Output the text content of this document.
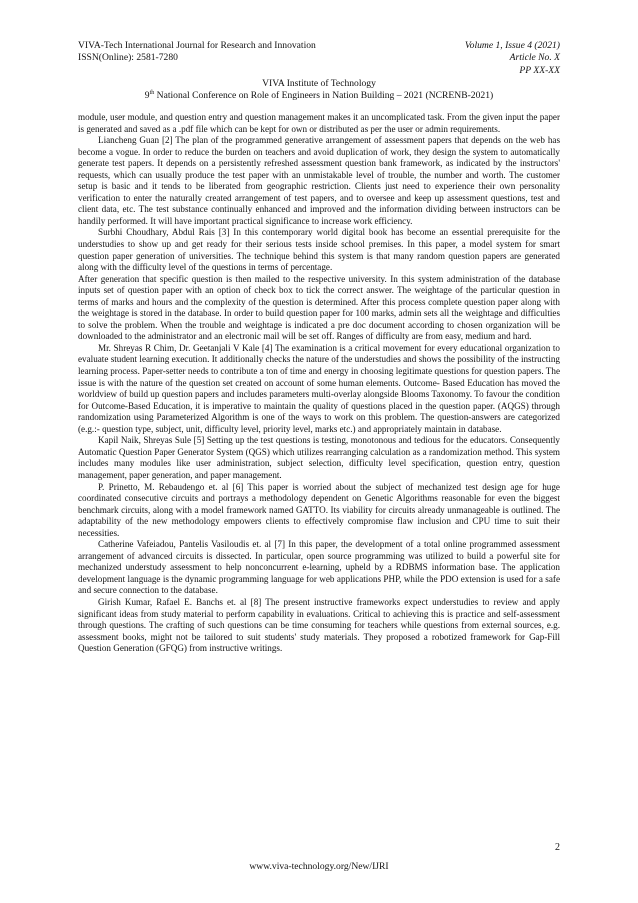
VIVA-Tech International Journal for Research and Innovation	Volume 1, Issue 4 (2021)
ISSN(Online): 2581-7280	Article No. X
PP XX-XX
VIVA Institute of Technology
9th National Conference on Role of Engineers in Nation Building – 2021 (NCRENB-2021)

module, user module, and question entry and question management makes it an uncomplicated task. From the given input the paper is generated and saved as a .pdf file which can be kept for own or distributed as per the user or admin requirements.

Liancheng Guan [2] The plan of the programmed generative arrangement of assessment papers that depends on the web has become a vogue. In order to reduce the burden on teachers and avoid duplication of work, they design the system to automatically generate test papers. It depends on a persistently refreshed assessment question bank framework, as indicated by the instructors' requests, which can usually produce the test paper with an unmistakable level of trouble, the number and worth. The customer setup is basic and it tends to be liberated from geographic restriction. Clients just need to experience their own personality verification to enter the naturally created arrangement of test papers, and to oversee and keep up assessment questions, test and client data, etc. The test substance continually enhanced and improved and the information dividing between instructors can be handily performed. It will have important practical significance to increase work efficiency.

Surbhi Choudhary, Abdul Rais [3] In this contemporary world digital book has become an essential prerequisite for the understudies to show up and get ready for their serious tests inside school premises. In this paper, a model system for smart question paper generation of universities. The technique behind this system is that many random question papers are generated along with the difficulty level of the questions in terms of percentage.

After generation that specific question is then mailed to the respective university. In this system administration of the database inputs set of question paper with an option of check box to tick the correct answer. The weightage of the particular question in terms of marks and hours and the complexity of the question is determined. After this process complete question paper along with the weightage is stored in the database. In order to build question paper for 100 marks, admin sets all the weightage and difficulties to solve the problem. When the trouble and weightage is indicated a pre doc document according to chosen organization will be downloaded to the administrator and an electronic mail will be set off. Ranges of difficulty are from easy, medium and hard.

Mr. Shreyas R Chim, Dr. Geetanjali V Kale [4] The examination is a critical movement for every educational organization to evaluate student learning execution. It additionally checks the nature of the understudies and shows the possibility of the instructing learning process. Paper-setter needs to contribute a ton of time and energy in choosing legitimate questions for question papers. The issue is with the nature of the question set created on account of some human elements. Outcome- Based Education has moved the worldview of build up question papers and includes parameters multi-overlay alongside Blooms Taxonomy. To favour the condition for Outcome-Based Education, it is imperative to maintain the quality of questions placed in the question paper. (AQGS) through randomization using Parameterized Algorithm is one of the ways to work on this problem. The question-answers are categorized (e.g.:- question type, subject, unit, difficulty level, priority level, marks etc.) and appropriately maintain in database.

Kapil Naik, Shreyas Sule [5] Setting up the test questions is testing, monotonous and tedious for the educators. Consequently Automatic Question Paper Generator System (QGS) which utilizes rearranging calculation as a randomization method. This system includes many modules like user administration, subject selection, difficulty level specification, question entry, question management, paper generation, and paper management.

P. Prinetto, M. Rebaudengo et. al [6] This paper is worried about the subject of mechanized test design age for huge coordinated consecutive circuits and portrays a methodology dependent on Genetic Algorithms reasonable for even the biggest benchmark circuits, along with a model framework named GATTO. Its viability for circuits already unmanageable is outlined. The adaptability of the new methodology empowers clients to effectively compromise flaw inclusion and CPU time to suit their necessities.

Catherine Vafeiadou, Pantelis Vasiloudis et. al [7] In this paper, the development of a total online programmed assessment arrangement of advanced circuits is dissected. In particular, open source programming was utilized to build a powerful site for mechanized understudy assessment to help nonconcurrent e-learning, upheld by a RDBMS information base. The application development language is the dynamic programming language for web applications PHP, while the PDO extension is used for a safe and secure connection to the database.

Girish Kumar, Rafael E. Banchs et. al [8] The present instructive frameworks expect understudies to review and apply significant ideas from study material to perform capability in evaluations. Critical to achieving this is practice and self-assessment through questions. The crafting of such questions can be time consuming for teachers while questions from external sources, e.g. assessment books, might not be tailored to suit students' study materials. They proposed a robotized framework for Gap-Fill Question Generation (GFQG) from instructive writings.

2
www.viva-technology.org/New/IJRI
